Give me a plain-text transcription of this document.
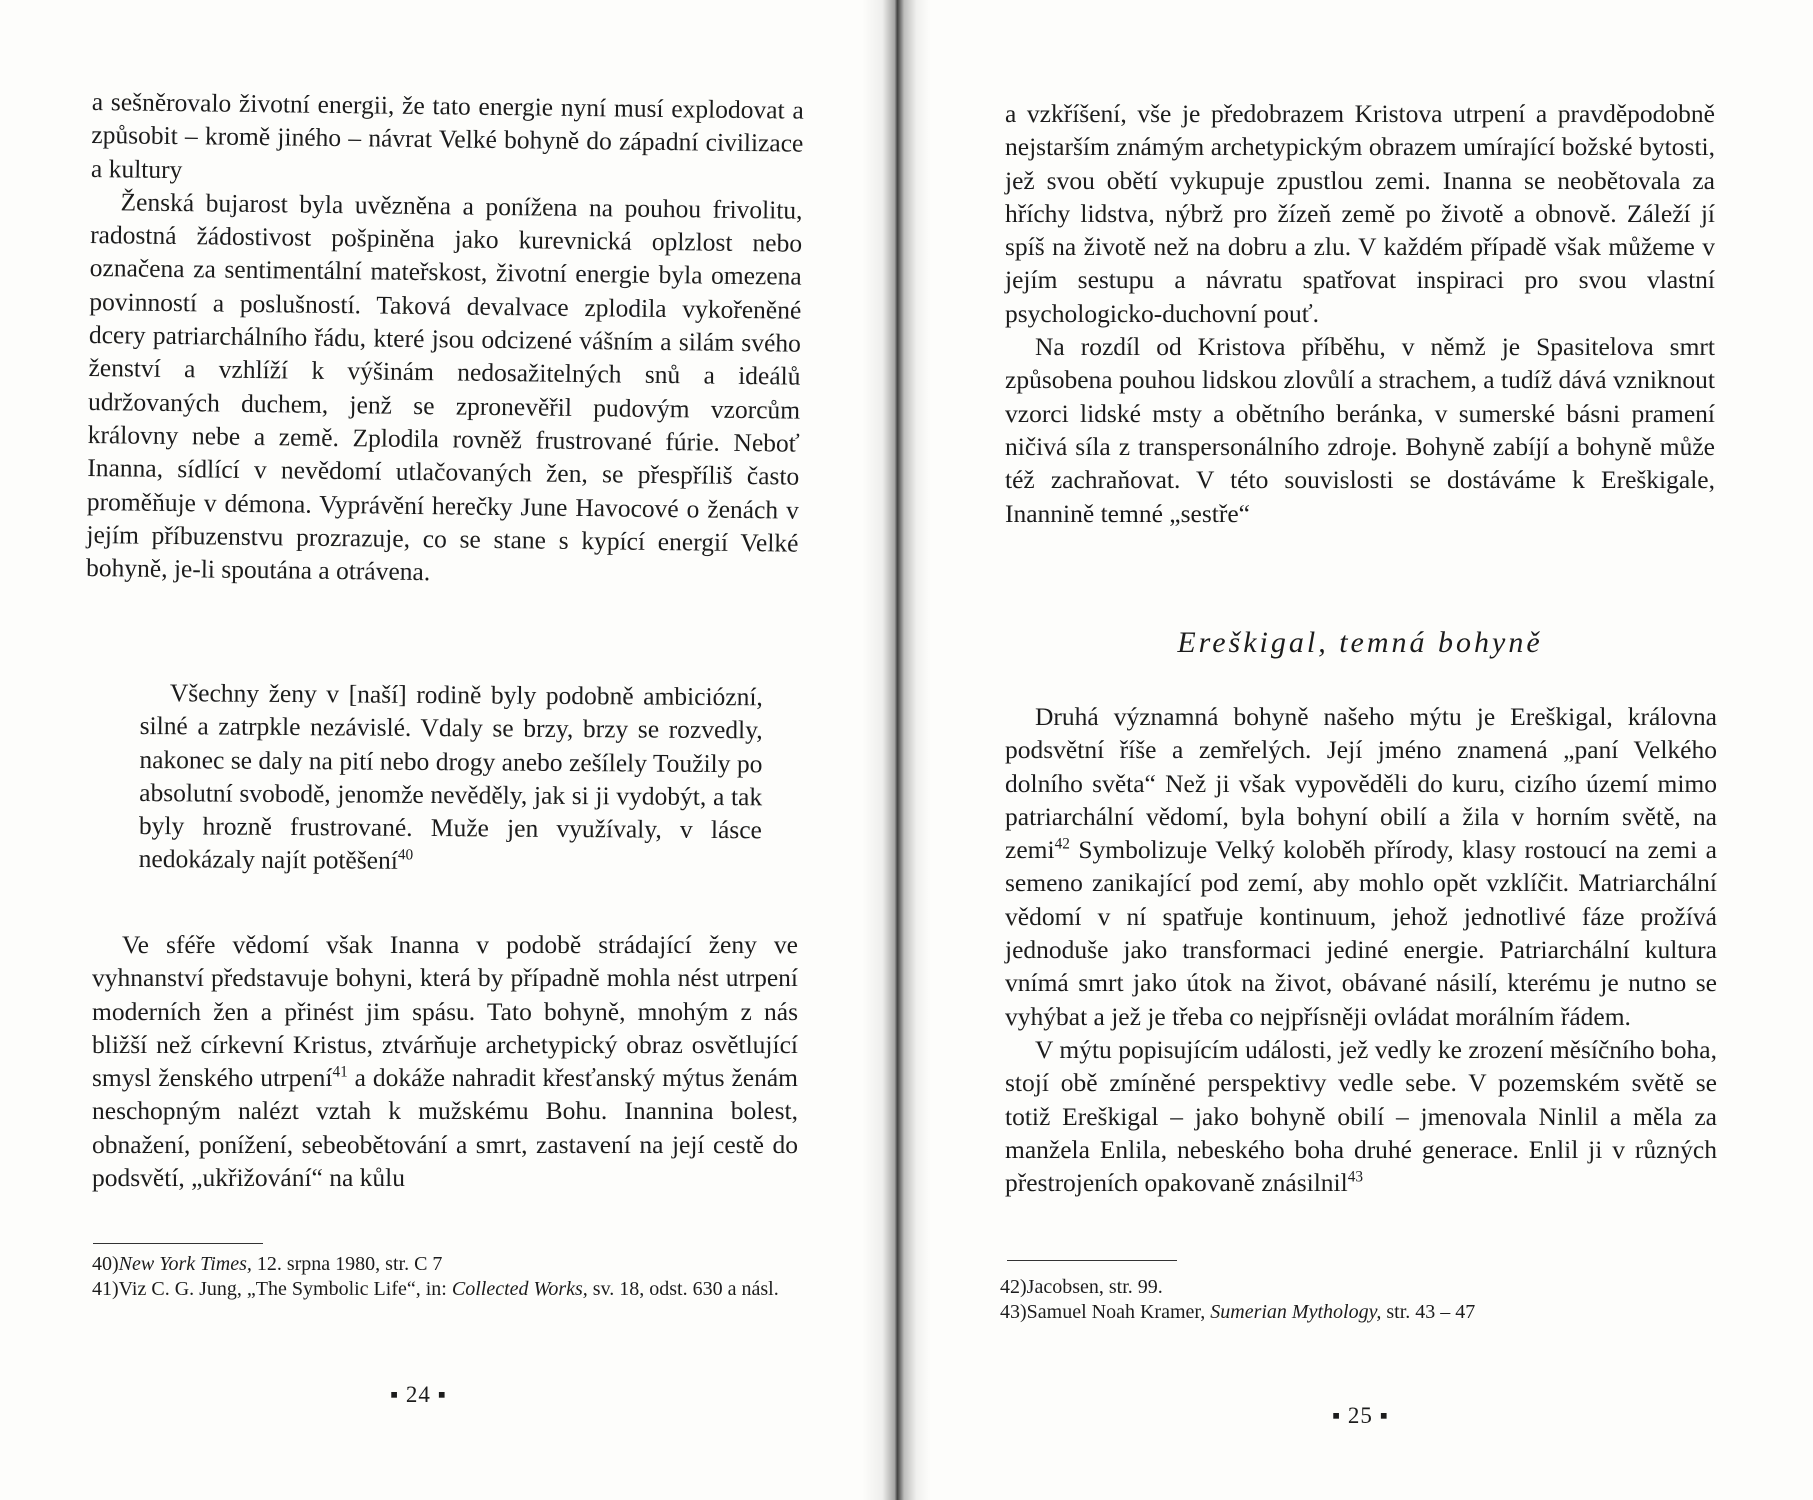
a sešněrovalo životní energii, že tato energie nyní musí explodovat a způsobit – kromě jiného – návrat Velké bohyně do západní civilizace a kultury

Ženská bujarost byla uvězněna a ponížena na pouhou frivolitu, radostná žádostivost pošpiněna jako kurevnická oplzlost nebo označena za sentimentální mateřskost, životní energie byla omezena povinností a poslušností. Taková devalvace zplodila vykořeněné dcery patriarchálního řádu, které jsou odcizené vášním a silám svého ženství a vzhlíží k výšinám nedosažitelných snů a ideálů udržovaných duchem, jenž se zpronevěřil pudovým vzorcům královny nebe a země. Zplodila rovněž frustrované fúrie. Neboť Inanna, sídlící v nevědomí utlačovaných žen, se přespříliš často proměňuje v démona. Vyprávění herečky June Havocové o ženách v jejím příbuzenstvu prozrazuje, co se stane s kypící energií Velké bohyně, je-li spoutána a otrávena.

Všechny ženy v [naší] rodině byly podobně ambiciózní, silné a zatrpkle nezávislé. Vdaly se brzy, brzy se rozvedly, nakonec se daly na pití nebo drogy anebo zešílely Toužily po absolutní svobodě, jenomže nevěděly, jak si ji vydobýt, a tak byly hrozně frustrované. Muže jen využívaly, v lásce nedokázaly najít potěšení$^{40}$

Ve sféře vědomí však Inanna v podobě strádající ženy ve vyhnanství představuje bohyni, která by případně mohla nést utrpení moderních žen a přinést jim spásu. Tato bohyně, mnohým z nás bližší než církevní Kristus, ztvárňuje archetypický obraz osvětlující smysl ženského utrpení$^{41}$ a dokáže nahradit křesťanský mýtus ženám neschopným nalézt vztah k mužskému Bohu. Inannina bolest, obnažení, ponížení, sebeobětování a smrt, zastavení na její cestě do podsvětí, „ukřižování“ na kůlu

40)New York Times, 12. srpna 1980, str. C 7

41)Viz C. G. Jung, „The Symbolic Life“, in: Collected Works, sv. 18, odst. 630 a násl.

▪ 24 ▪

a vzkříšení, vše je předobrazem Kristova utrpení a pravděpodobně nejstarším známým archetypickým obrazem umírající božské bytosti, jež svou obětí vykupuje zpustlou zemi. Inanna se neobětovala za hříchy lidstva, nýbrž pro žízeň země po životě a obnově. Záleží jí spíš na životě než na dobru a zlu. V každém případě však můžeme v jejím sestupu a návratu spatřovat inspiraci pro svou vlastní psychologicko-duchovní pouť.

Na rozdíl od Kristova příběhu, v němž je Spasitelova smrt způsobena pouhou lidskou zlovůlí a strachem, a tudíž dává vzniknout vzorci lidské msty a obětního beránka, v sumerské básni pramení ničivá síla z transpersonálního zdroje. Bohyně zabíjí a bohyně může též zachraňovat. V této souvislosti se dostáváme k Ereškigale, Inannině temné „sestře“

Ereškigal, temná bohyně

Druhá významná bohyně našeho mýtu je Ereškigal, královna podsvětní říše a zemřelých. Její jméno znamená „paní Velkého dolního světa“ Než ji však vypověděli do kuru, cizího území mimo patriarchální vědomí, byla bohyní obilí a žila v horním světě, na zemi$^{42}$ Symbolizuje Velký koloběh přírody, klasy rostoucí na zemi a semeno zanikající pod zemí, aby mohlo opět vzklíčit. Matriarchální vědomí v ní spatřuje kontinuum, jehož jednotlivé fáze prožívá jednoduše jako transformaci jediné energie. Patriarchální kultura vnímá smrt jako útok na život, obávané násilí, kterému je nutno se vyhýbat a jež je třeba co nejpřísněji ovládat morálním řádem.

V mýtu popisujícím události, jež vedly ke zrození měsíčního boha, stojí obě zmíněné perspektivy vedle sebe. V pozemském světě se totiž Ereškigal – jako bohyně obilí – jmenovala Ninlil a měla za manžela Enlila, nebeského boha druhé generace. Enlil ji v různých přestrojeních opakovaně znásilnil$^{43}$

42)Jacobsen, str. 99.

43)Samuel Noah Kramer, Sumerian Mythology, str. 43 – 47

▪ 25 ▪
